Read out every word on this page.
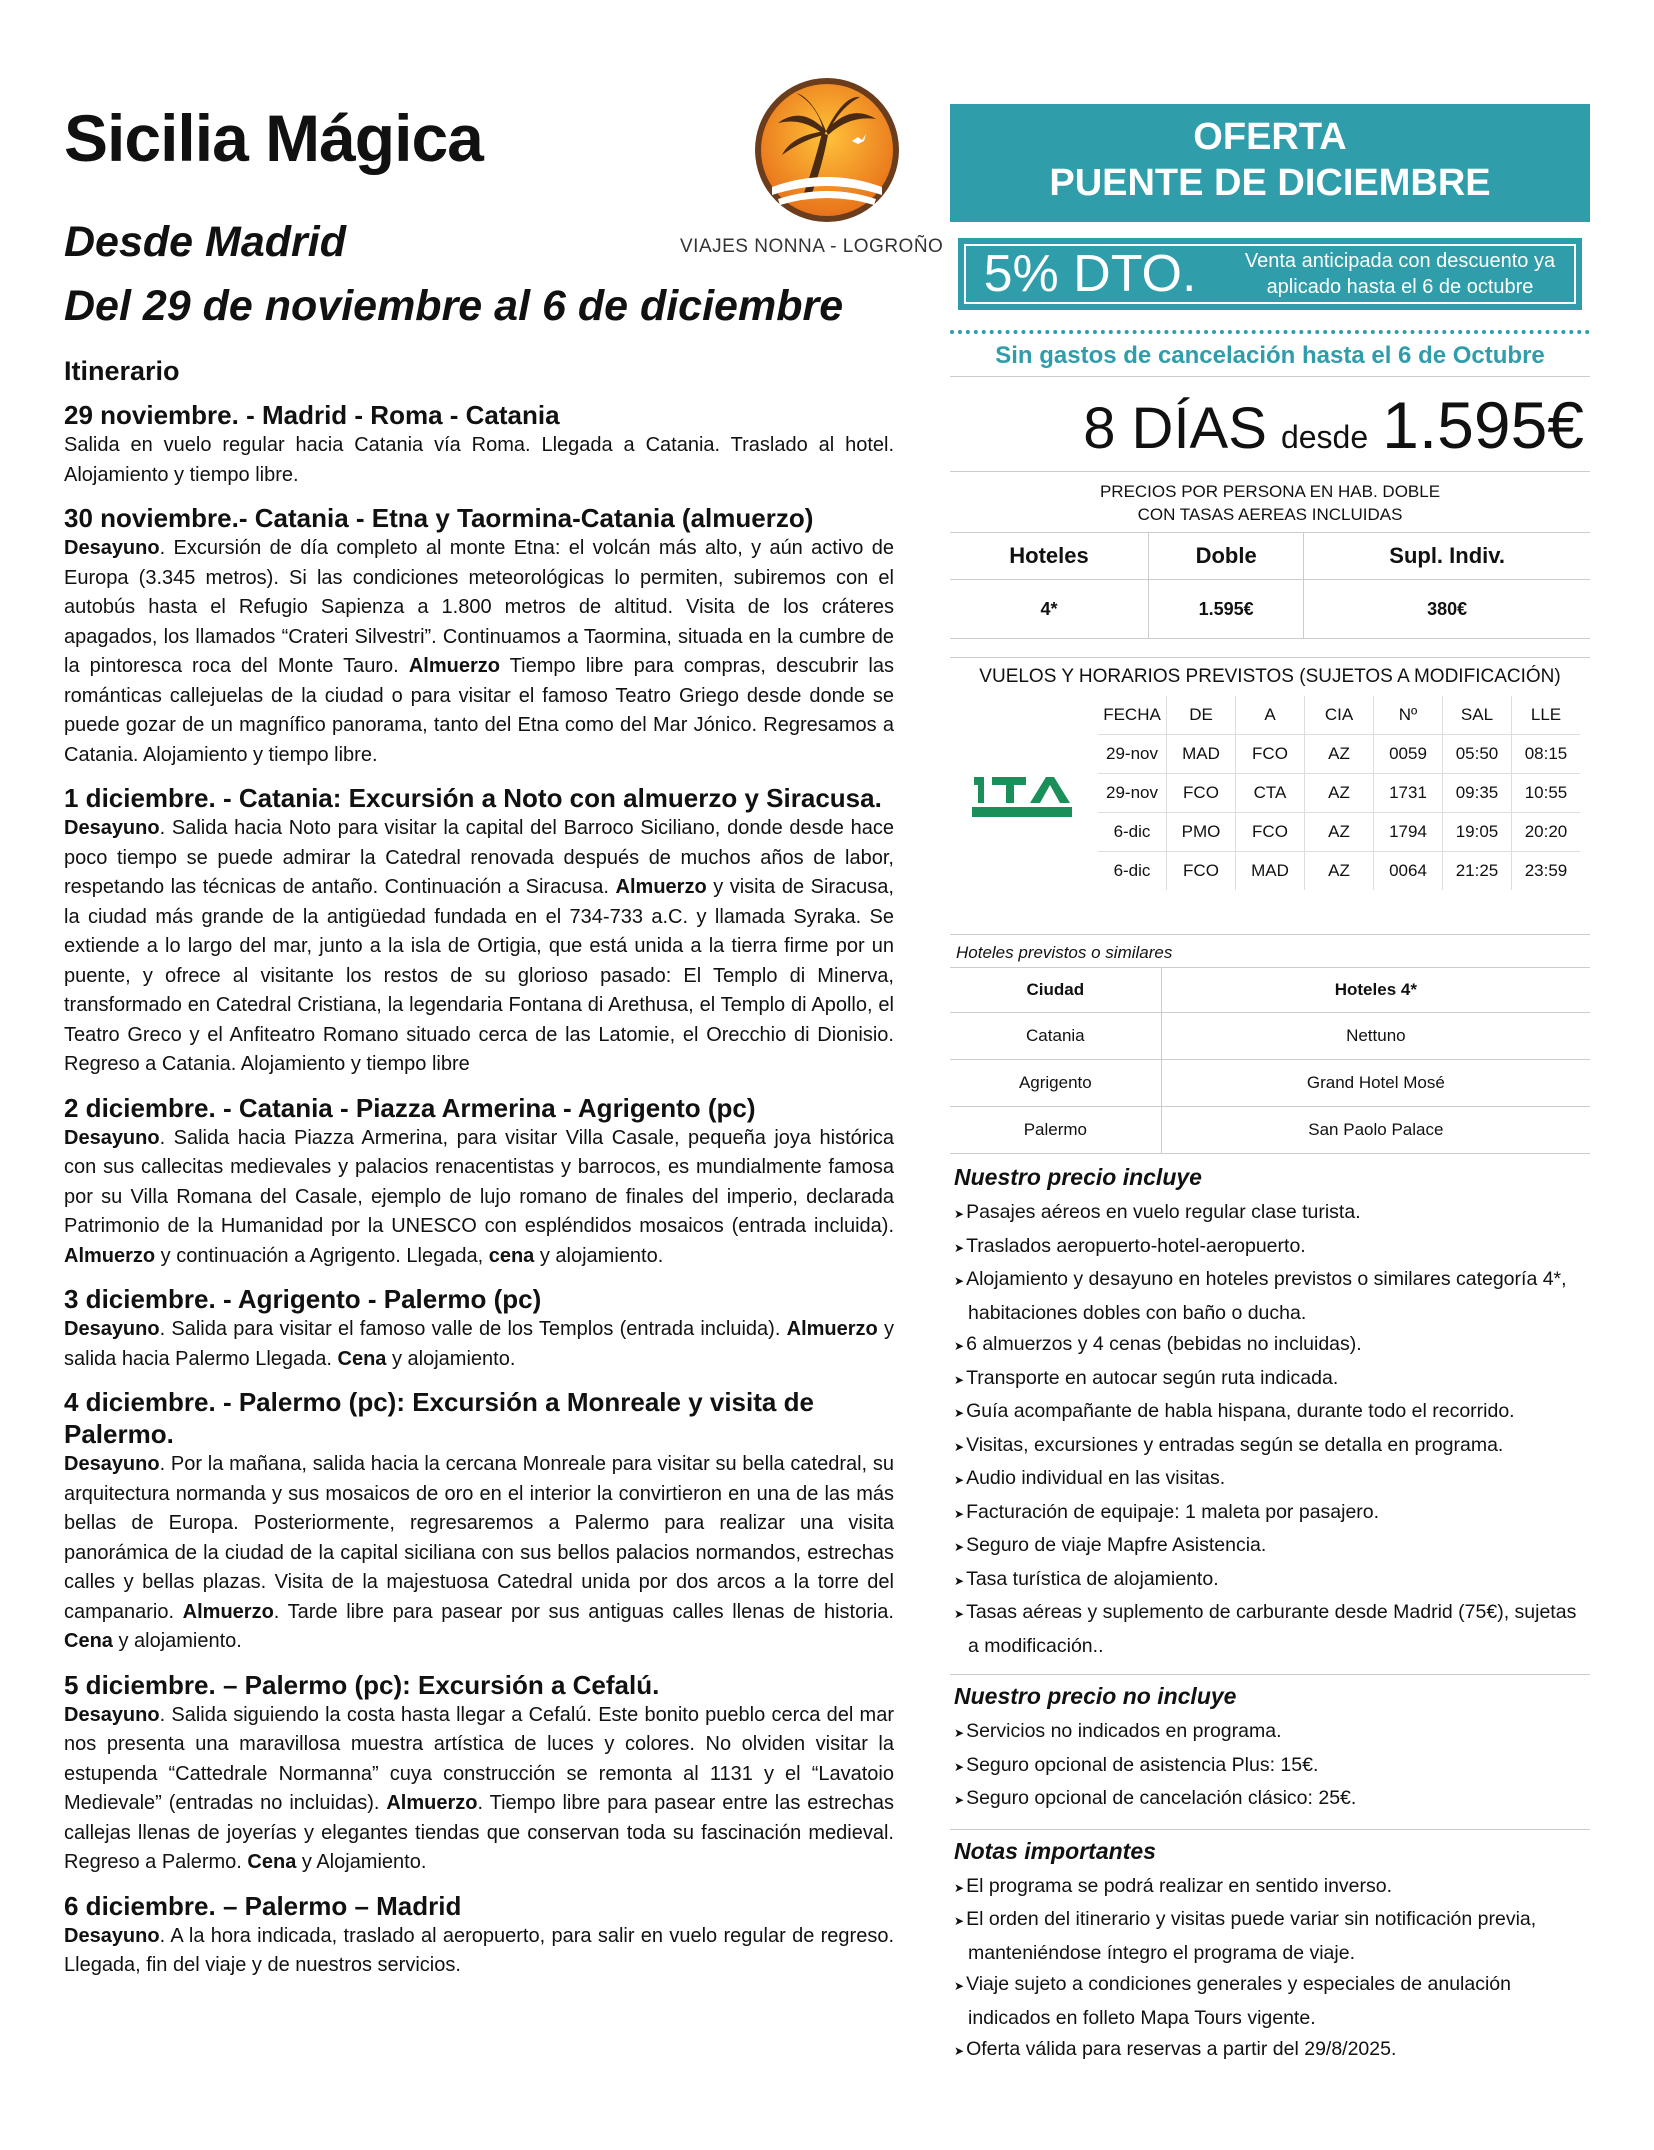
Sicilia Mágica
Desde Madrid
Del 29 de noviembre al 6 de diciembre
Itinerario
29 noviembre. - Madrid - Roma - Catania
Salida en vuelo regular hacia Catania vía Roma. Llegada a Catania. Traslado al hotel. Alojamiento y tiempo libre.
30 noviembre.- Catania - Etna y Taormina-Catania (almuerzo)
Desayuno. Excursión de día completo al monte Etna: el volcán más alto, y aún activo de Europa (3.345 metros). Si las condiciones meteorológicas lo permiten, subiremos con el autobús hasta el Refugio Sapienza a 1.800 metros de altitud. Visita de los cráteres apagados, los llamados “Crateri Silvestri”. Continuamos a Taormina, situada en la cumbre de la pintoresca roca del Monte Tauro. Almuerzo Tiempo libre para compras, descubrir las románticas callejuelas de la ciudad o para visitar el famoso Teatro Griego desde donde se puede gozar de un magnífico panorama, tanto del Etna como del Mar Jónico. Regresamos a Catania. Alojamiento y tiempo libre.
1 diciembre. - Catania: Excursión a Noto con almuerzo y Siracusa.
Desayuno. Salida hacia Noto para visitar la capital del Barroco Siciliano, donde desde hace poco tiempo se puede admirar la Catedral renovada después de muchos años de labor, respetando las técnicas de antaño. Continuación a Siracusa. Almuerzo y visita de Siracusa, la ciudad más grande de la antigüedad fundada en el 734-733 a.C. y llamada Syraka. Se extiende a lo largo del mar, junto a la isla de Ortigia, que está unida a la tierra firme por un puente, y ofrece al visitante los restos de su glorioso pasado: El Templo di Minerva, transformado en Catedral Cristiana, la legendaria Fontana di Arethusa, el Templo di Apollo, el Teatro Greco y el Anfiteatro Romano situado cerca de las Latomie, el Orecchio di Dionisio. Regreso a Catania. Alojamiento y tiempo libre
2 diciembre. - Catania - Piazza Armerina - Agrigento (pc)
Desayuno. Salida hacia Piazza Armerina, para visitar Villa Casale, pequeña joya histórica con sus callecitas medievales y palacios renacentistas y barrocos, es mundialmente famosa por su Villa Romana del Casale, ejemplo de lujo romano de finales del imperio, declarada Patrimonio de la Humanidad por la UNESCO con espléndidos mosaicos (entrada incluida). Almuerzo y continuación a Agrigento. Llegada, cena y alojamiento.
3 diciembre. - Agrigento - Palermo (pc)
Desayuno. Salida para visitar el famoso valle de los Templos (entrada incluida). Almuerzo y salida hacia Palermo Llegada. Cena y alojamiento.
4 diciembre. - Palermo (pc): Excursión a Monreale y visita de Palermo.
Desayuno. Por la mañana, salida hacia la cercana Monreale para visitar su bella catedral, su arquitectura normanda y sus mosaicos de oro en el interior la convirtieron en una de las más bellas de Europa. Posteriormente, regresaremos a Palermo para realizar una visita panorámica de la ciudad de la capital siciliana con sus bellos palacios normandos, estrechas calles y bellas plazas. Visita de la majestuosa Catedral unida por dos arcos a la torre del campanario. Almuerzo. Tarde libre para pasear por sus antiguas calles llenas de historia. Cena y alojamiento.
5 diciembre. – Palermo (pc): Excursión a Cefalú.
Desayuno. Salida siguiendo la costa hasta llegar a Cefalú. Este bonito pueblo cerca del mar nos presenta una maravillosa muestra artística de luces y colores. No olviden visitar la estupenda “Cattedrale Normanna” cuya construcción se remonta al 1131 y el “Lavatoio Medievale” (entradas no incluidas). Almuerzo. Tiempo libre para pasear entre las estrechas callejas llenas de joyerías y elegantes tiendas que conservan toda su fascinación medieval. Regreso a Palermo. Cena y Alojamiento.
6 diciembre. – Palermo – Madrid
Desayuno. A la hora indicada, traslado al aeropuerto, para salir en vuelo regular de regreso. Llegada, fin del viaje y de nuestros servicios.
VIAJES NONNA - LOGROÑO
OFERTA
PUENTE DE DICIEMBRE
5% DTO.	Venta anticipada con descuento ya
aplicado hasta el 6 de octubre
Sin gastos de cancelación hasta el 6 de Octubre
8 DÍAS desde 1.595€
PRECIOS POR PERSONA EN HAB. DOBLE
CON TASAS AEREAS INCLUIDAS
Hoteles	Doble	Supl. Indiv.
4*	1.595€	380€
VUELOS Y HORARIOS PREVISTOS (SUJETOS A MODIFICACIÓN)
FECHA	DE	A	CIA	Nº	SAL	LLE
29-nov	MAD	FCO	AZ	0059	05:50	08:15
29-nov	FCO	CTA	AZ	1731	09:35	10:55
6-dic	PMO	FCO	AZ	1794	19:05	20:20
6-dic	FCO	MAD	AZ	0064	21:25	23:59
Hoteles previstos o similares
Ciudad	Hoteles 4*
Catania	Nettuno
Agrigento	Grand Hotel Mosé
Palermo	San Paolo Palace
Nuestro precio incluye
➤ Pasajes aéreos en vuelo regular clase turista.
➤ Traslados aeropuerto-hotel-aeropuerto.
➤ Alojamiento y desayuno en hoteles previstos o similares categoría 4*, habitaciones dobles con baño o ducha.
➤ 6 almuerzos y 4 cenas (bebidas no incluidas).
➤ Transporte en autocar según ruta indicada.
➤ Guía acompañante de habla hispana, durante todo el recorrido.
➤ Visitas, excursiones y entradas según se detalla en programa.
➤ Audio individual en las visitas.
➤ Facturación de equipaje: 1 maleta por pasajero.
➤ Seguro de viaje Mapfre Asistencia.
➤ Tasa turística de alojamiento.
➤ Tasas aéreas y suplemento de carburante desde Madrid (75€), sujetas a modificación..
Nuestro precio no incluye
➤ Servicios no indicados en programa.
➤ Seguro opcional de asistencia Plus: 15€.
➤ Seguro opcional de cancelación clásico: 25€.
Notas importantes
➤ El programa se podrá realizar en sentido inverso.
➤ El orden del itinerario y visitas puede variar sin notificación previa, manteniéndose íntegro el programa de viaje.
➤ Viaje sujeto a condiciones generales y especiales de anulación indicados en folleto Mapa Tours vigente.
➤ Oferta válida para reservas a partir del 29/8/2025.
